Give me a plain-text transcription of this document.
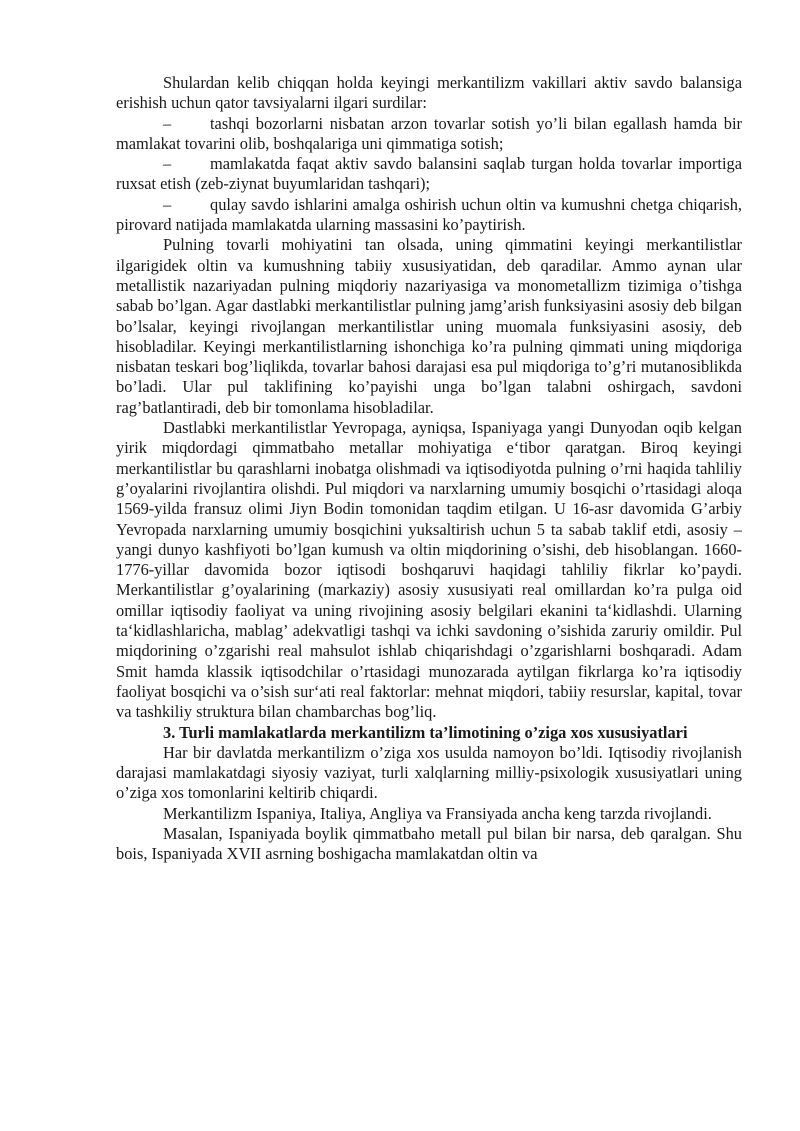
Shulardan kelib chiqqan holda keyingi merkantilizm vakillari aktiv savdo balansiga erishish uchun qator tavsiyalarni ilgari surdilar:

– tashqi bozorlarni nisbatan arzon tovarlar sotish yo’li bilan egallash hamda bir mamlakat tovarini olib, boshqalariga uni qimmatiga sotish;

– mamlakatda faqat aktiv savdo balansini saqlab turgan holda tovarlar importiga ruxsat etish (zeb-ziynat buyumlaridan tashqari);

– qulay savdo ishlarini amalga oshirish uchun oltin va kumushni chetga chiqarish, pirovard natijada mamlakatda ularning massasini ko’paytirish.

Pulning tovarli mohiyatini tan olsada, uning qimmatini keyingi merkantilistlar ilgarigidek oltin va kumushning tabiiy xususiyatidan, deb qaradilar. Ammo aynan ular metallistik nazariyadan pulning miqdoriy nazariyasiga va monometallizm tizimiga o’tishga sabab bo’lgan. Agar dastlabki merkantilistlar pulning jamg’arish funksiyasini asosiy deb bilgan bo’lsalar, keyingi rivojlangan merkantilistlar uning muomala funksiyasini asosiy, deb hisobladilar. Keyingi merkantilistlarning ishonchiga ko’ra pulning qimmati uning miqdoriga nisbatan teskari bog’liqlikda, tovarlar bahosi darajasi esa pul miqdoriga to’g’ri mutanosiblikda bo’ladi. Ular pul taklifining ko’payishi unga bo’lgan talabni oshirgach, savdoni rag’batlantiradi, deb bir tomonlama hisobladilar.

Dastlabki merkantilistlar Yevropaga, ayniqsa, Ispaniyaga yangi Dunyodan oqib kelgan yirik miqdordagi qimmatbaho metallar mohiyatiga e‘tibor qaratgan. Biroq keyingi merkantilistlar bu qarashlarni inobatga olishmadi va iqtisodiyotda pulning o’rni haqida tahliliy g’oyalarini rivojlantira olishdi. Pul miqdori va narxlarning umumiy bosqichi o’rtasidagi aloqa 1569-yilda fransuz olimi Jiyn Bodin tomonidan taqdim etilgan. U 16-asr davomida G’arbiy Yevropada narxlarning umumiy bosqichini yuksaltirish uchun 5 ta sabab taklif etdi, asosiy – yangi dunyo kashfiyoti bo’lgan kumush va oltin miqdorining o’sishi, deb hisoblangan. 1660-1776-yillar davomida bozor iqtisodi boshqaruvi haqidagi tahliliy fikrlar ko’paydi. Merkantilistlar g’oyalarining (markaziy) asosiy xususiyati real omillardan ko’ra pulga oid omillar iqtisodiy faoliyat va uning rivojining asosiy belgilari ekanini ta‘kidlashdi. Ularning ta‘kidlashlaricha, mablag’ adekvatligi tashqi va ichki savdoning o’sishida zaruriy omildir. Pul miqdorining o’zgarishi real mahsulot ishlab chiqarishdagi o’zgarishlarni boshqaradi. Adam Smit hamda klassik iqtisodchilar o’rtasidagi munozarada aytilgan fikrlarga ko’ra iqtisodiy faoliyat bosqichi va o’sish sur‘ati real faktorlar: mehnat miqdori, tabiiy resurslar, kapital, tovar va tashkiliy struktura bilan chambarchas bog’liq.

3. Turli mamlakatlarda merkantilizm ta’limotining o’ziga xos xususiyatlari

Har bir davlatda merkantilizm o’ziga xos usulda namoyon bo’ldi. Iqtisodiy rivojlanish darajasi mamlakatdagi siyosiy vaziyat, turli xalqlarning milliy-psixologik xususiyatlari uning o’ziga xos tomonlarini keltirib chiqardi.

Merkantilizm Ispaniya, Italiya, Angliya va Fransiyada ancha keng tarzda rivojlandi.

Masalan, Ispaniyada boylik qimmatbaho metall pul bilan bir narsa, deb qaralgan. Shu bois, Ispaniyada XVII asrning boshigacha mamlakatdan oltin va
